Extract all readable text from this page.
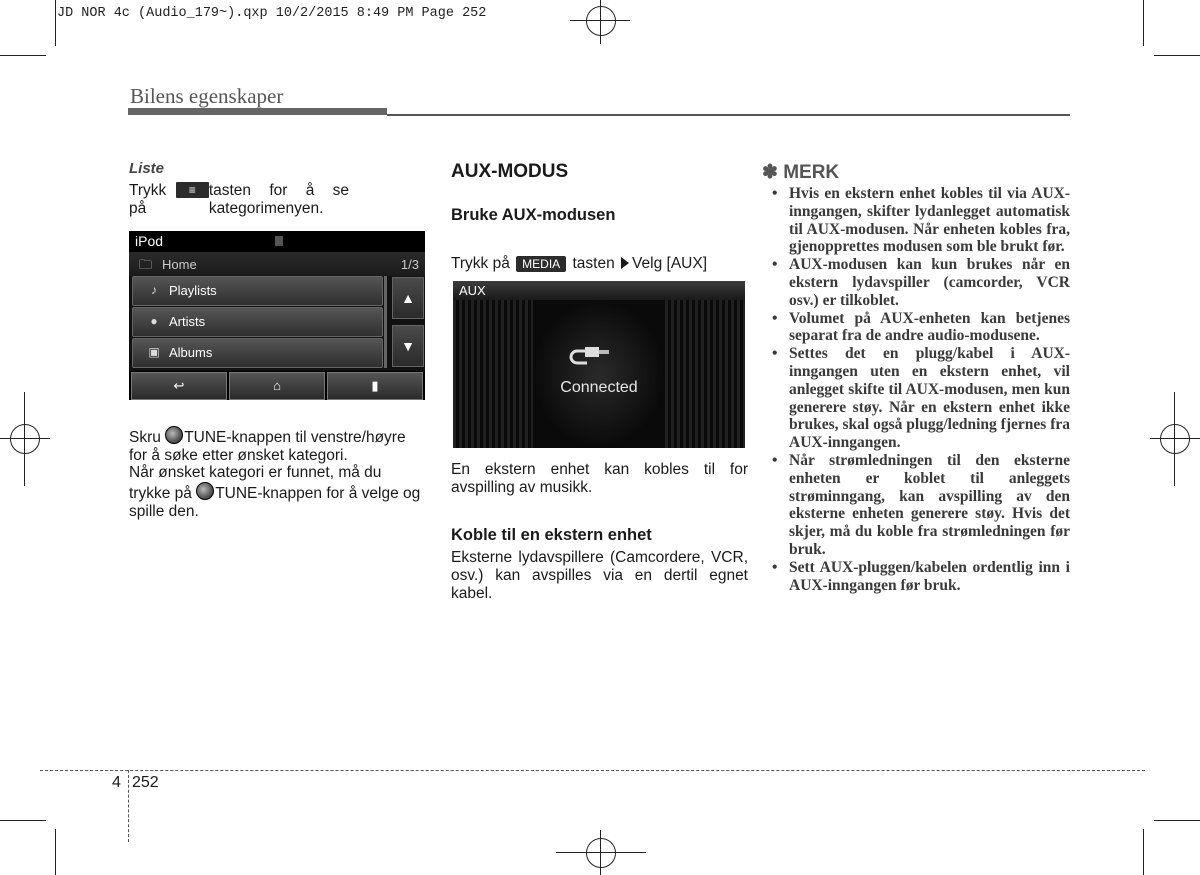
JD NOR 4c (Audio_179~).qxp 10/2/2015 8:49 PM Page 252
Bilens egenskaper
Liste
Trykk på
≡ tasten for å se kategorimenyen.
iPod
🗀 Home	1/3
♪ Playlists
● Artists
▣ Albums
▲
▼
↩	⌂	▮
Skru TUNE-knappen til venstre/høyre for å søke etter ønsket kategori.
Når ønsket kategori er funnet, må du trykke på TUNE-knappen for å velge og spille den.
AUX-MODUS
Bruke AUX-modusen
Trykk på MEDIA tasten Velg [AUX]
AUX
Connected
En ekstern enhet kan kobles til for avspilling av musikk.
Koble til en ekstern enhet
Eksterne lydavspillere (Camcordere, VCR, osv.) kan avspilles via en dertil egnet kabel.
✽ MERK
• Hvis en ekstern enhet kobles til via AUX-inngangen, skifter lydanlegget automatisk til AUX-modusen. Når enheten kobles fra, gjenopprettes modusen som ble brukt før.
• AUX-modusen kan kun brukes når en ekstern lydavspiller (camcorder, VCR osv.) er tilkoblet.
• Volumet på AUX-enheten kan betjenes separat fra de andre audio-modusene.
• Settes det en plugg/kabel i AUX-inngangen uten en ekstern enhet, vil anlegget skifte til AUX-modusen, men kun generere støy. Når en ekstern enhet ikke brukes, skal også plugg/ledning fjernes fra AUX-inngangen.
• Når strømledningen til den eksterne enheten er koblet til anleggets strøminngang, kan avspilling av den eksterne enheten generere støy. Hvis det skjer, må du koble fra strømledningen før bruk.
• Sett AUX-pluggen/kabelen ordentlig inn i AUX-inngangen før bruk.
4 252
